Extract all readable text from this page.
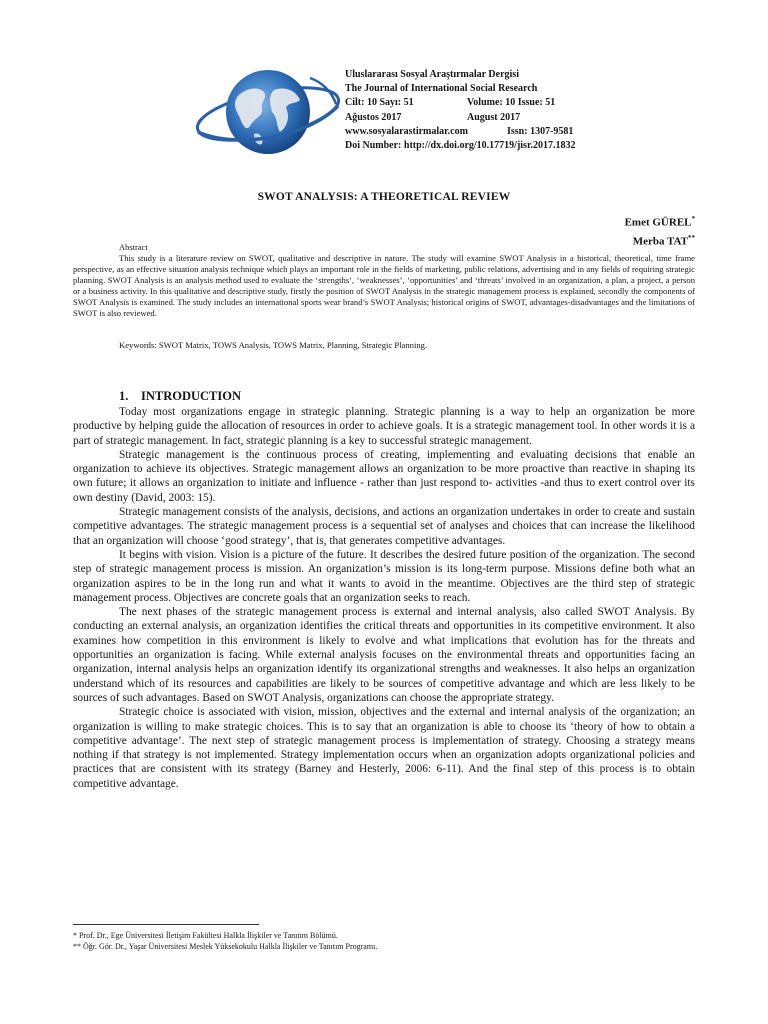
Uluslararası Sosyal Araştırmalar Dergisi
The Journal of International Social Research
Cilt: 10 Sayı: 51	Volume: 10 Issue: 51
Ağustos 2017	August 2017
www.sosyalarastirmalar.com	Issn: 1307-9581
Doi Number: http://dx.doi.org/10.17719/jisr.2017.1832
SWOT ANALYSIS: A THEORETICAL REVIEW
Emet GÜREL*
Merba TAT**
Abstract
This study is a literature review on SWOT, qualitative and descriptive in nature. The study will examine SWOT Analysis in a historical, theoretical, time frame perspective, as an effective situation analysis technique which plays an important role in the fields of marketing, public relations, advertising and in any fields of requiring strategic planning. SWOT Analysis is an analysis method used to evaluate the ‘strengths’, ‘weaknesses’, ‘opportunities’ and ‘threats’ involved in an organization, a plan, a project, a person or a business activity. In this qualitative and descriptive study, firstly the position of SWOT Analysis in the strategic management process is explained, secondly the components of SWOT Analysis is examined. The study includes an international sports wear brand’s SWOT Analysis; historical origins of SWOT, advantages-disadvantages and the limitations of SWOT is also reviewed.
Keywords: SWOT Matrix, TOWS Analysis, TOWS Matrix, Planning, Strategic Planning.
1. INTRODUCTION

Today most organizations engage in strategic planning. Strategic planning is a way to help an organization be more productive by helping guide the allocation of resources in order to achieve goals. It is a strategic management tool. In other words it is a part of strategic management. In fact, strategic planning is a key to successful strategic management.

Strategic management is the continuous process of creating, implementing and evaluating decisions that enable an organization to achieve its objectives. Strategic management allows an organization to be more proactive than reactive in shaping its own future; it allows an organization to initiate and influence - rather than just respond to- activities -and thus to exert control over its own destiny (David, 2003: 15).

Strategic management consists of the analysis, decisions, and actions an organization undertakes in order to create and sustain competitive advantages. The strategic management process is a sequential set of analyses and choices that can increase the likelihood that an organization will choose ‘good strategy’, that is, that generates competitive advantages.

It begins with vision. Vision is a picture of the future. It describes the desired future position of the organization. The second step of strategic management process is mission. An organization’s mission is its long-term purpose. Missions define both what an organization aspires to be in the long run and what it wants to avoid in the meantime. Objectives are the third step of strategic management process. Objectives are concrete goals that an organization seeks to reach.

The next phases of the strategic management process is external and internal analysis, also called SWOT Analysis. By conducting an external analysis, an organization identifies the critical threats and opportunities in its competitive environment. It also examines how competition in this environment is likely to evolve and what implications that evolution has for the threats and opportunities an organization is facing. While external analysis focuses on the environmental threats and opportunities facing an organization, internal analysis helps an organization identify its organizational strengths and weaknesses. It also helps an organization understand which of its resources and capabilities are likely to be sources of competitive advantage and which are less likely to be sources of such advantages. Based on SWOT Analysis, organizations can choose the appropriate strategy.

Strategic choice is associated with vision, mission, objectives and the external and internal analysis of the organization; an organization is willing to make strategic choices. This is to say that an organization is able to choose its ‘theory of how to obtain a competitive advantage’. The next step of strategic management process is implementation of strategy. Choosing a strategy means nothing if that strategy is not implemented. Strategy implementation occurs when an organization adopts organizational policies and practices that are consistent with its strategy (Barney and Hesterly, 2006: 6-11). And the final step of this process is to obtain competitive advantage.

* Prof. Dr., Ege Üniversitesi İletişim Fakültesi Halkla İlişkiler ve Tanıtım Bölümü.
** Öğr. Gör. Dr., Yaşar Üniversitesi Meslek Yüksekokulu Halkla İlişkiler ve Tanıtım Programı.
